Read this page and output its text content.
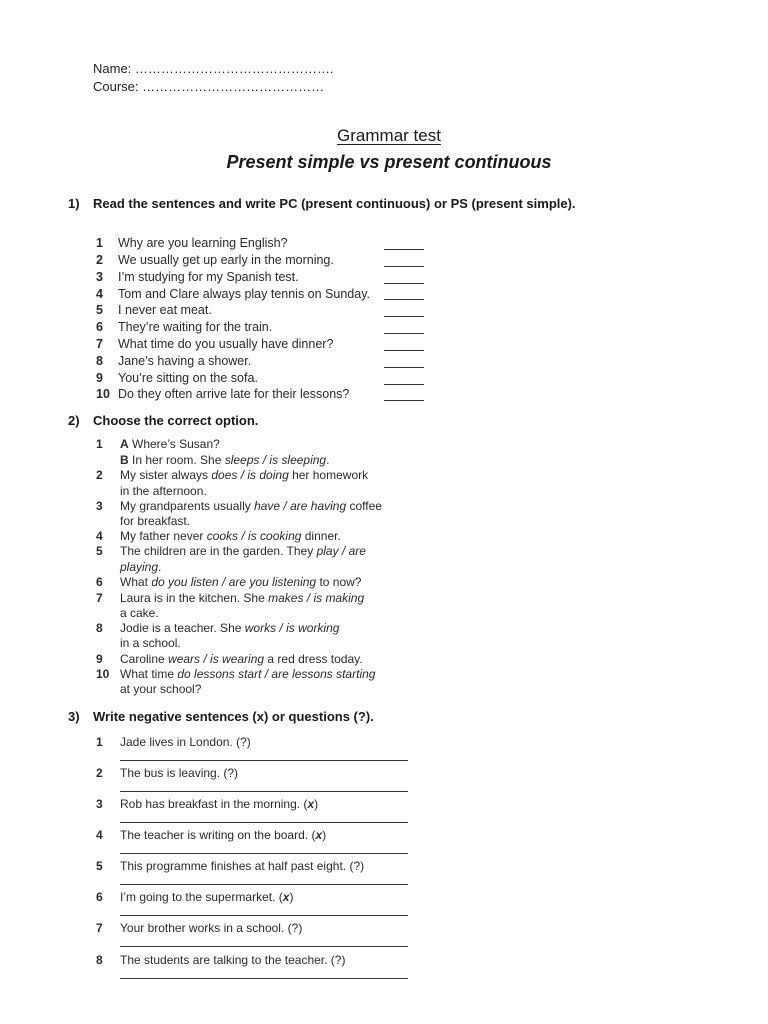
Name: ……………………………………….
Course: ……………………………………
Grammar test
Present simple vs present continuous
1) Read the sentences and write PC (present continuous) or PS (present simple).
1	Why are you learning English?
2	We usually get up early in the morning.
3	I’m studying for my Spanish test.
4	Tom and Clare always play tennis on Sunday.
5	I never eat meat.
6	They’re waiting for the train.
7	What time do you usually have dinner?
8	Jane’s having a shower.
9	You’re sitting on the sofa.
10 Do they often arrive late for their lessons?
2) Choose the correct option.
1	A Where’s Susan?
B In her room. She sleeps / is sleeping.
2	My sister always does / is doing her homework
in the afternoon.
3	My grandparents usually have / are having coffee
for breakfast.
4	My father never cooks / is cooking dinner.
5	The children are in the garden. They play / are
playing.
6	What do you listen / are you listening to now?
7	Laura is in the kitchen. She makes / is making
a cake.
8	Jodie is a teacher. She works / is working
in a school.
9	Caroline wears / is wearing a red dress today.
10 What time do lessons start / are lessons starting
at your school?
3) Write negative sentences (x) or questions (?).
1	Jade lives in London. (?)
2	The bus is leaving. (?)
3	Rob has breakfast in the morning. (x)
4	The teacher is writing on the board. (x)
5	This programme finishes at half past eight. (?)
6	I’m going to the supermarket. (x)
7	Your brother works in a school. (?)
8	The students are talking to the teacher. (?)
